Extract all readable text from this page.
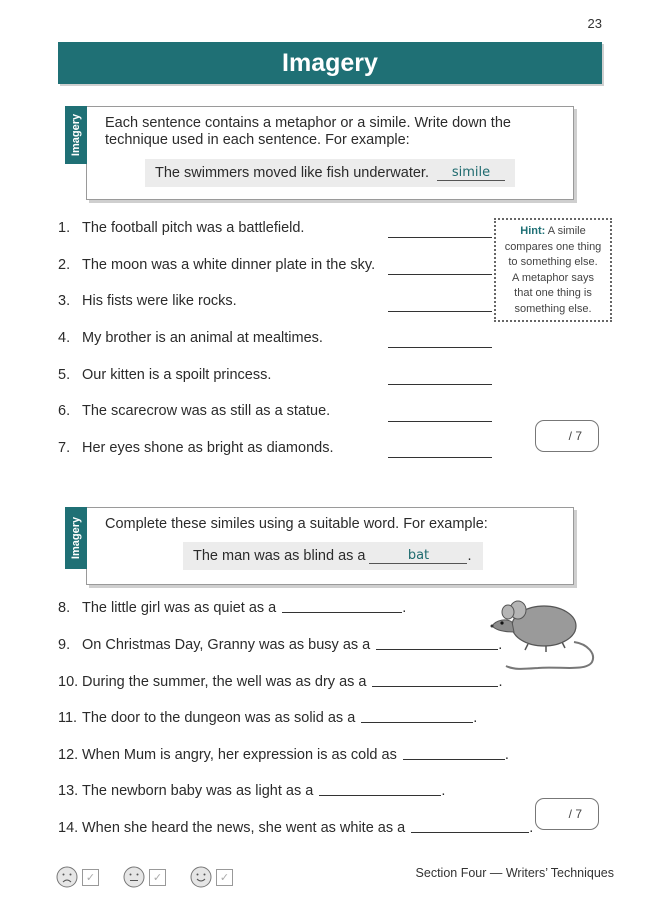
23
Imagery
Imagery Each sentence contains a metaphor or a simile. Write down the technique used in each sentence. For example:
The swimmers moved like fish underwater.	simile
1. The football pitch was a battlefield.
2. The moon was a white dinner plate in the sky.
3. His fists were like rocks.
4. My brother is an animal at mealtimes.
5. Our kitten is a spoilt princess.
6. The scarecrow was as still as a statue.
7. Her eyes shone as bright as diamonds.
Hint: A simile
compares one thing
to something else.
A metaphor says
that one thing is
something else.
/ 7
Imagery Complete these similes using a suitable word. For example:
The man was as blind as a	bat	.
8. The little girl was as quiet as a	.
9. On Christmas Day, Granny was as busy as a	.
10. During the summer, the well was as dry as a	.
11. The door to the dungeon was as solid as a	.
12. When Mum is angry, her expression is as cold as	.
13. The newborn baby was as light as a	.
14. When she heard the news, she went as white as a	.
/ 7
✓	✓	✓	Section Four — Writers’ Techniques
